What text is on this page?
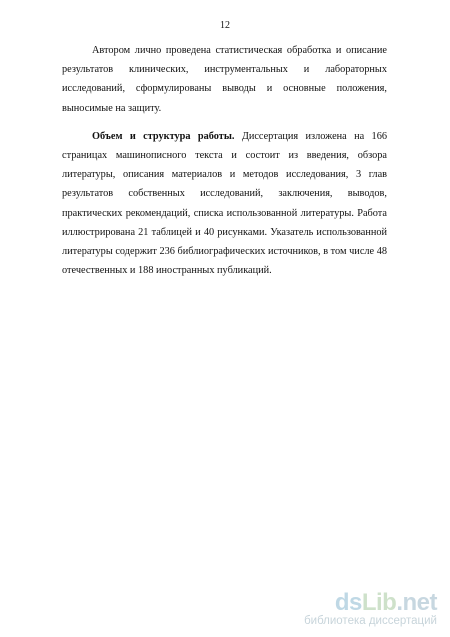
12

Автором лично проведена статистическая обработка и описание результатов клинических, инструментальных и лабораторных исследований, сформулированы выводы и основные положения, выносимые на защиту.

Объем и структура работы. Диссертация изложена на 166 страницах машинописного текста и состоит из введения, обзора литературы, описания материалов и методов исследования, 3 глав результатов собственных исследований, заключения, выводов, практических рекомендаций, списка использованной литературы. Работа иллюстрирована 21 таблицей и 40 рисунками. Указатель использованной литературы содержит 236 библиографических источников, в том числе 48 отечественных и 188 иностранных публикаций.

dsLib.net
библиотека диссертаций
